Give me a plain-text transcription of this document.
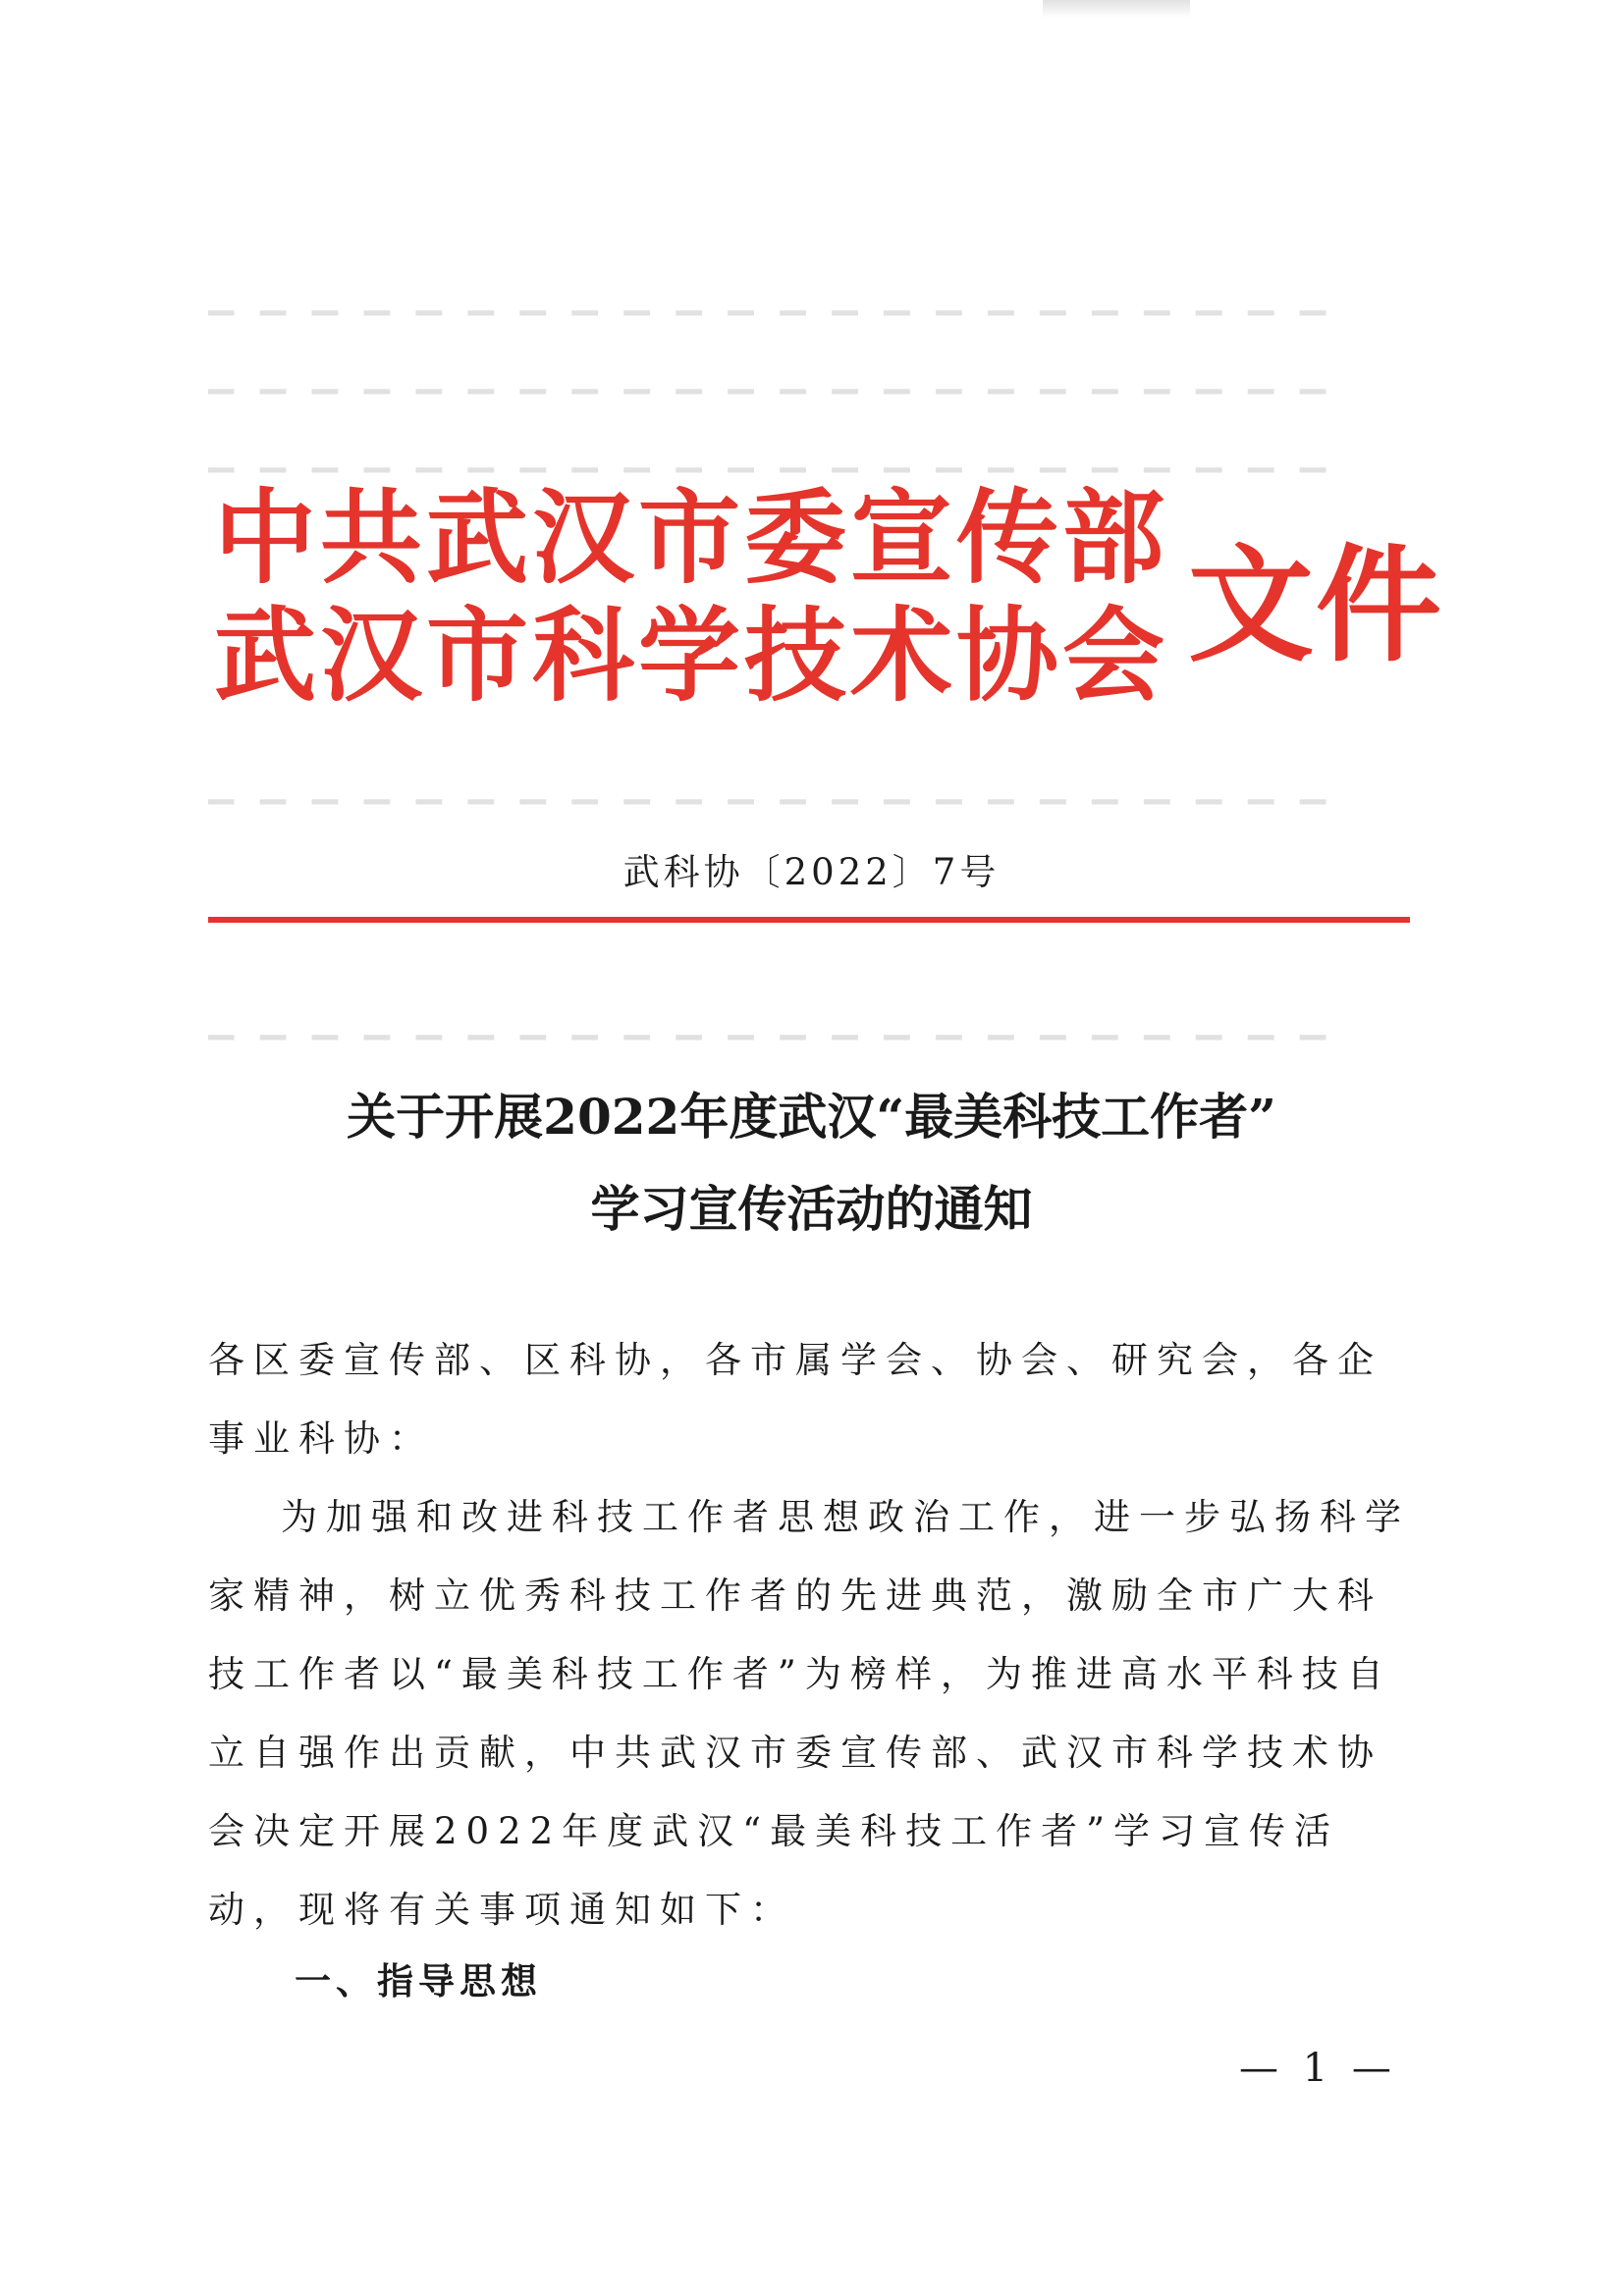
▁ ▁ ▁ ▁ ▁ ▁ ▁ ▁ ▁ ▁ ▁ ▁ ▁ ▁ ▁ ▁ ▁ ▁ ▁ ▁ ▁ ▁
▁ ▁ ▁ ▁ ▁ ▁ ▁ ▁ ▁ ▁ ▁ ▁ ▁ ▁ ▁ ▁ ▁ ▁ ▁ ▁ ▁ ▁
▁ ▁ ▁ ▁ ▁ ▁ ▁ ▁ ▁ ▁ ▁ ▁ ▁ ▁ ▁ ▁ ▁ ▁ ▁ ▁ ▁ ▁
▁ ▁ ▁ ▁ ▁ ▁ ▁ ▁ ▁ ▁ ▁ ▁ ▁ ▁ ▁ ▁ ▁ ▁ ▁ ▁ ▁ ▁
▁ ▁ ▁ ▁ ▁ ▁ ▁ ▁ ▁ ▁ ▁ ▁ ▁ ▁ ▁ ▁ ▁ ▁ ▁ ▁ ▁ ▁
中共武汉市委宣传部
武汉市科学技术协会 文件
武科协〔2022〕7号
关于开展2022年度武汉“最美科技工作者”
学习宣传活动的通知
各区委宣传部、区科协，各市属学会、协会、研究会，各企事业科协：
为加强和改进科技工作者思想政治工作，进一步弘扬科学家精神，树立优秀科技工作者的先进典范，激励全市广大科技工作者以“最美科技工作者”为榜样，为推进高水平科技自立自强作出贡献，中共武汉市委宣传部、武汉市科学技术协会决定开展2022年度武汉“最美科技工作者”学习宣传活动，现将有关事项通知如下：
一、指导思想
— 1 —
